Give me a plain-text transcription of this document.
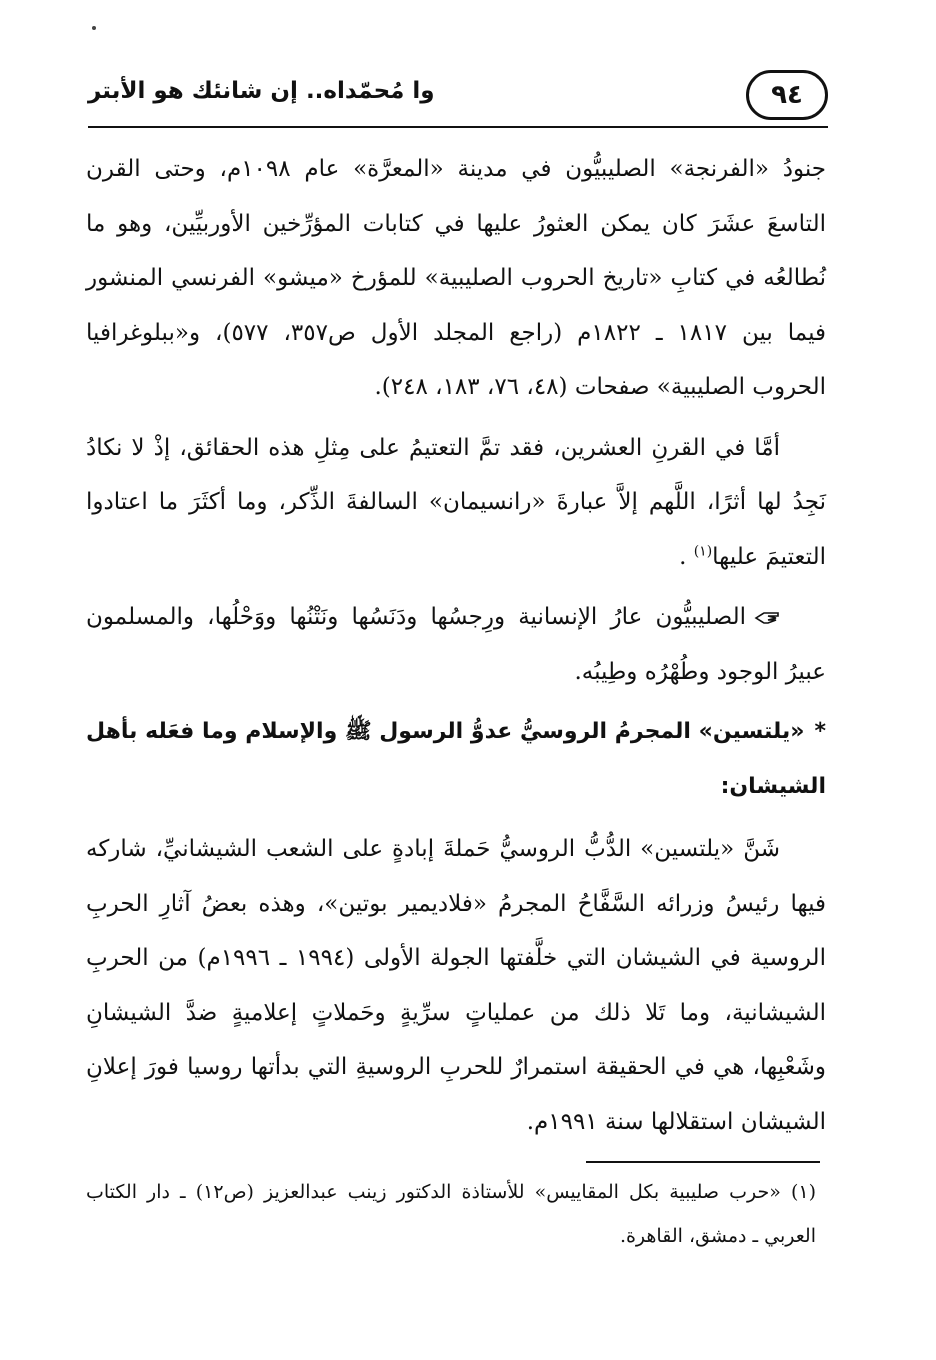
وا مُحمّداه.. إن شانئك هو الأبتر	٩٤

جنودُ «الفرنجة» الصليبيُّون في مدينة «المعرَّة» عام ١٠٩٨م، وحتى القرن التاسعَ عشَرَ كان يمكن العثورُ عليها في كتابات المؤرِّخين الأوربيِّين، وهو ما نُطالعُه في كتابِ «تاريخ الحروب الصليبية» للمؤرخ «ميشو» الفرنسي المنشور فيما بين ١٨١٧ ـ ١٨٢٢م (راجع المجلد الأول ص٣٥٧، ٥٧٧)، و«ببلوغرافيا الحروب الصليبية» صفحات (٤٨، ٧٦، ١٨٣، ٢٤٨).

أمَّا في القرنِ العشرين، فقد تمَّ التعتيمُ على مِثلِ هذه الحقائق، إذْ لا نكادُ نَجِدُ لها أثرًا، اللَّهم إلاَّ عبارةَ «رانسيمان» السالفةَ الذِّكر، وما أكثَرَ ما اعتادوا التعتيمَ عليها$^{(١)}$ .

الصليبيُّون عارُ الإنسانية ورِجسُها ودَنَسُها ونَتْنُها ووَحْلُها، والمسلمون عبيرُ الوجود وطُهْرُه وطِيبُه.

*«يلتسين» المجرمُ الروسيُّ عدوُّ الرسول ﷺ والإسلام وما فعَله بأهل الشيشان:

شَنَّ «يلتسين» الدُّبُّ الروسيُّ حَملةَ إبادةٍ على الشعب الشيشانيِّ، شاركه فيها رئيسُ وزرائه السَّفَّاحُ المجرمُ «فلاديمير بوتين»، وهذه بعضُ آثارِ الحربِ الروسية في الشيشان التي خلَّفتها الجولة الأولى (١٩٩٤ ـ ١٩٩٦م) من الحربِ الشيشانية، وما تَلا ذلك من عملياتٍ سرِّيةٍ وحَملاتٍ إعلاميةٍ ضدَّ الشيشانِ وشَعْبِها، هي في الحقيقة استمرارٌ للحربِ الروسيةِ التي بدأتها روسيا فورَ إعلانِ الشيشان استقلالها سنة ١٩٩١م.

(١) «حرب صليبية بكل المقاييس» للأستاذة الدكتور زينب عبدالعزيز (ص١٢) ـ دار الكتاب العربي ـ دمشق، القاهرة.
